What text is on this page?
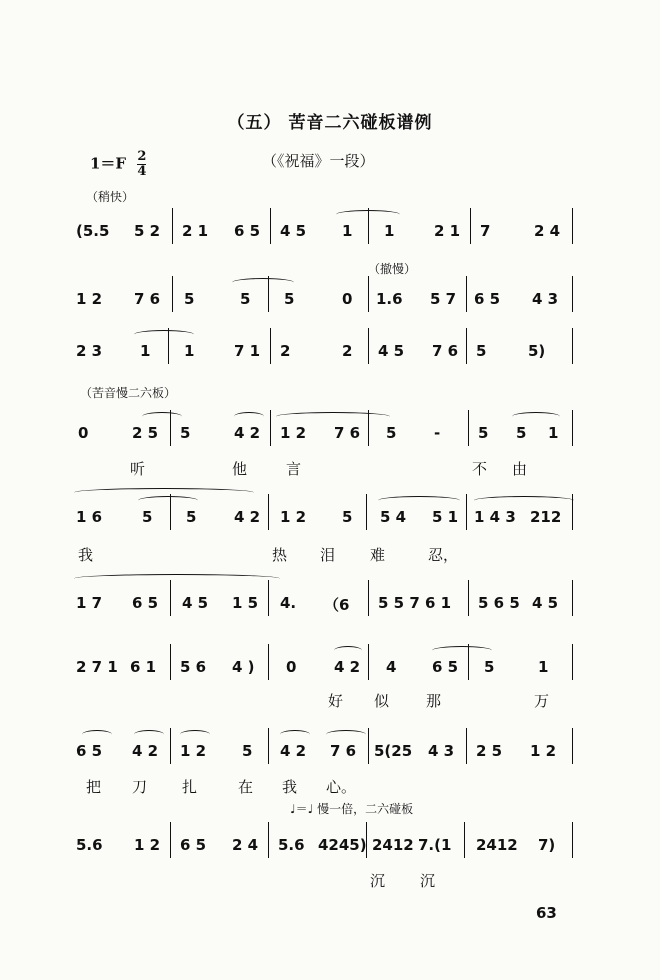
（五） 苦音二六碰板谱例
$1=F \frac{2}{4}$	（《祝福》一段）
（稍快）
（撤慢）
（苦音慢二六板）
(5.5 5 2 2 1 6 5 4 5 1 1	2 1 7	2 4
1 2 7 6 5	5 5	0 1.6 5 7 6 5 4 3
2 3	1 1	7 1 2	2 4 5 7 6 5	5)
0	2 5 5	4 2 1 2 7 6 5	-	5 5 1
听	他	言	不 由
1 6	5 5	4 2 1 2 5 5 4 5 1 1 4 3 212
我	热 泪 难	忍，
1 7 6 5 4 5 1 5 4. （6 5 5 7 6 1 5 6 5 4 5
2 7 1 6 1 5 6 4 ) 0	4 2 4 6 5 5	1
好 似 那	万
6 5 4 2 1 2 5 4 2 7 6 5(25 4 3 2 5 1 2
把 刀 扎	在 我 心。
♩＝♩ 慢一倍，二六碰板
5.6 1 2 6 5 2 4 5.6 4245) 2412 7.(1 2412 7)
沉 沉
63
